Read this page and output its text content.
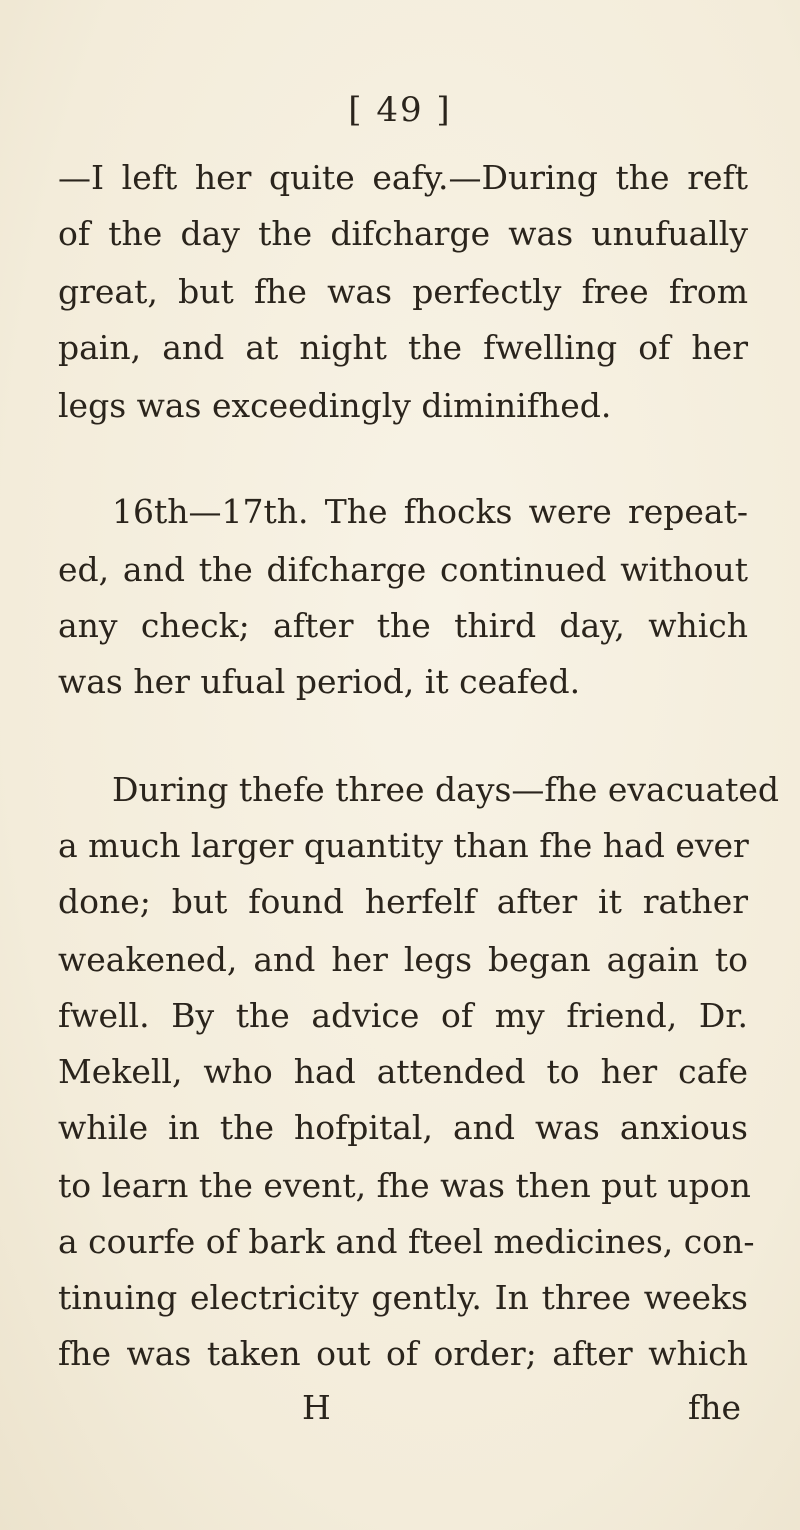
[ 49 ]
—I left her quite eafy.—During the reft
of the day the difcharge was unufually
great, but fhe was perfectly free from
pain, and at night the fwelling of her
legs was exceedingly diminifhed.
16th—17th. The fhocks were repeat-
ed, and the difcharge continued without
any check; after the third day, which
was her ufual period, it ceafed.
During thefe three days—fhe evacuated
a much larger quantity than fhe had ever
done; but found herfelf after it rather
weakened, and her legs began again to
fwell. By the advice of my friend, Dr.
Mekell, who had attended to her cafe
while in the hofpital, and was anxious
to learn the event, fhe was then put upon
a courfe of bark and fteel medicines, con-
tinuing electricity gently. In three weeks
fhe was taken out of order; after which
H	fhe
